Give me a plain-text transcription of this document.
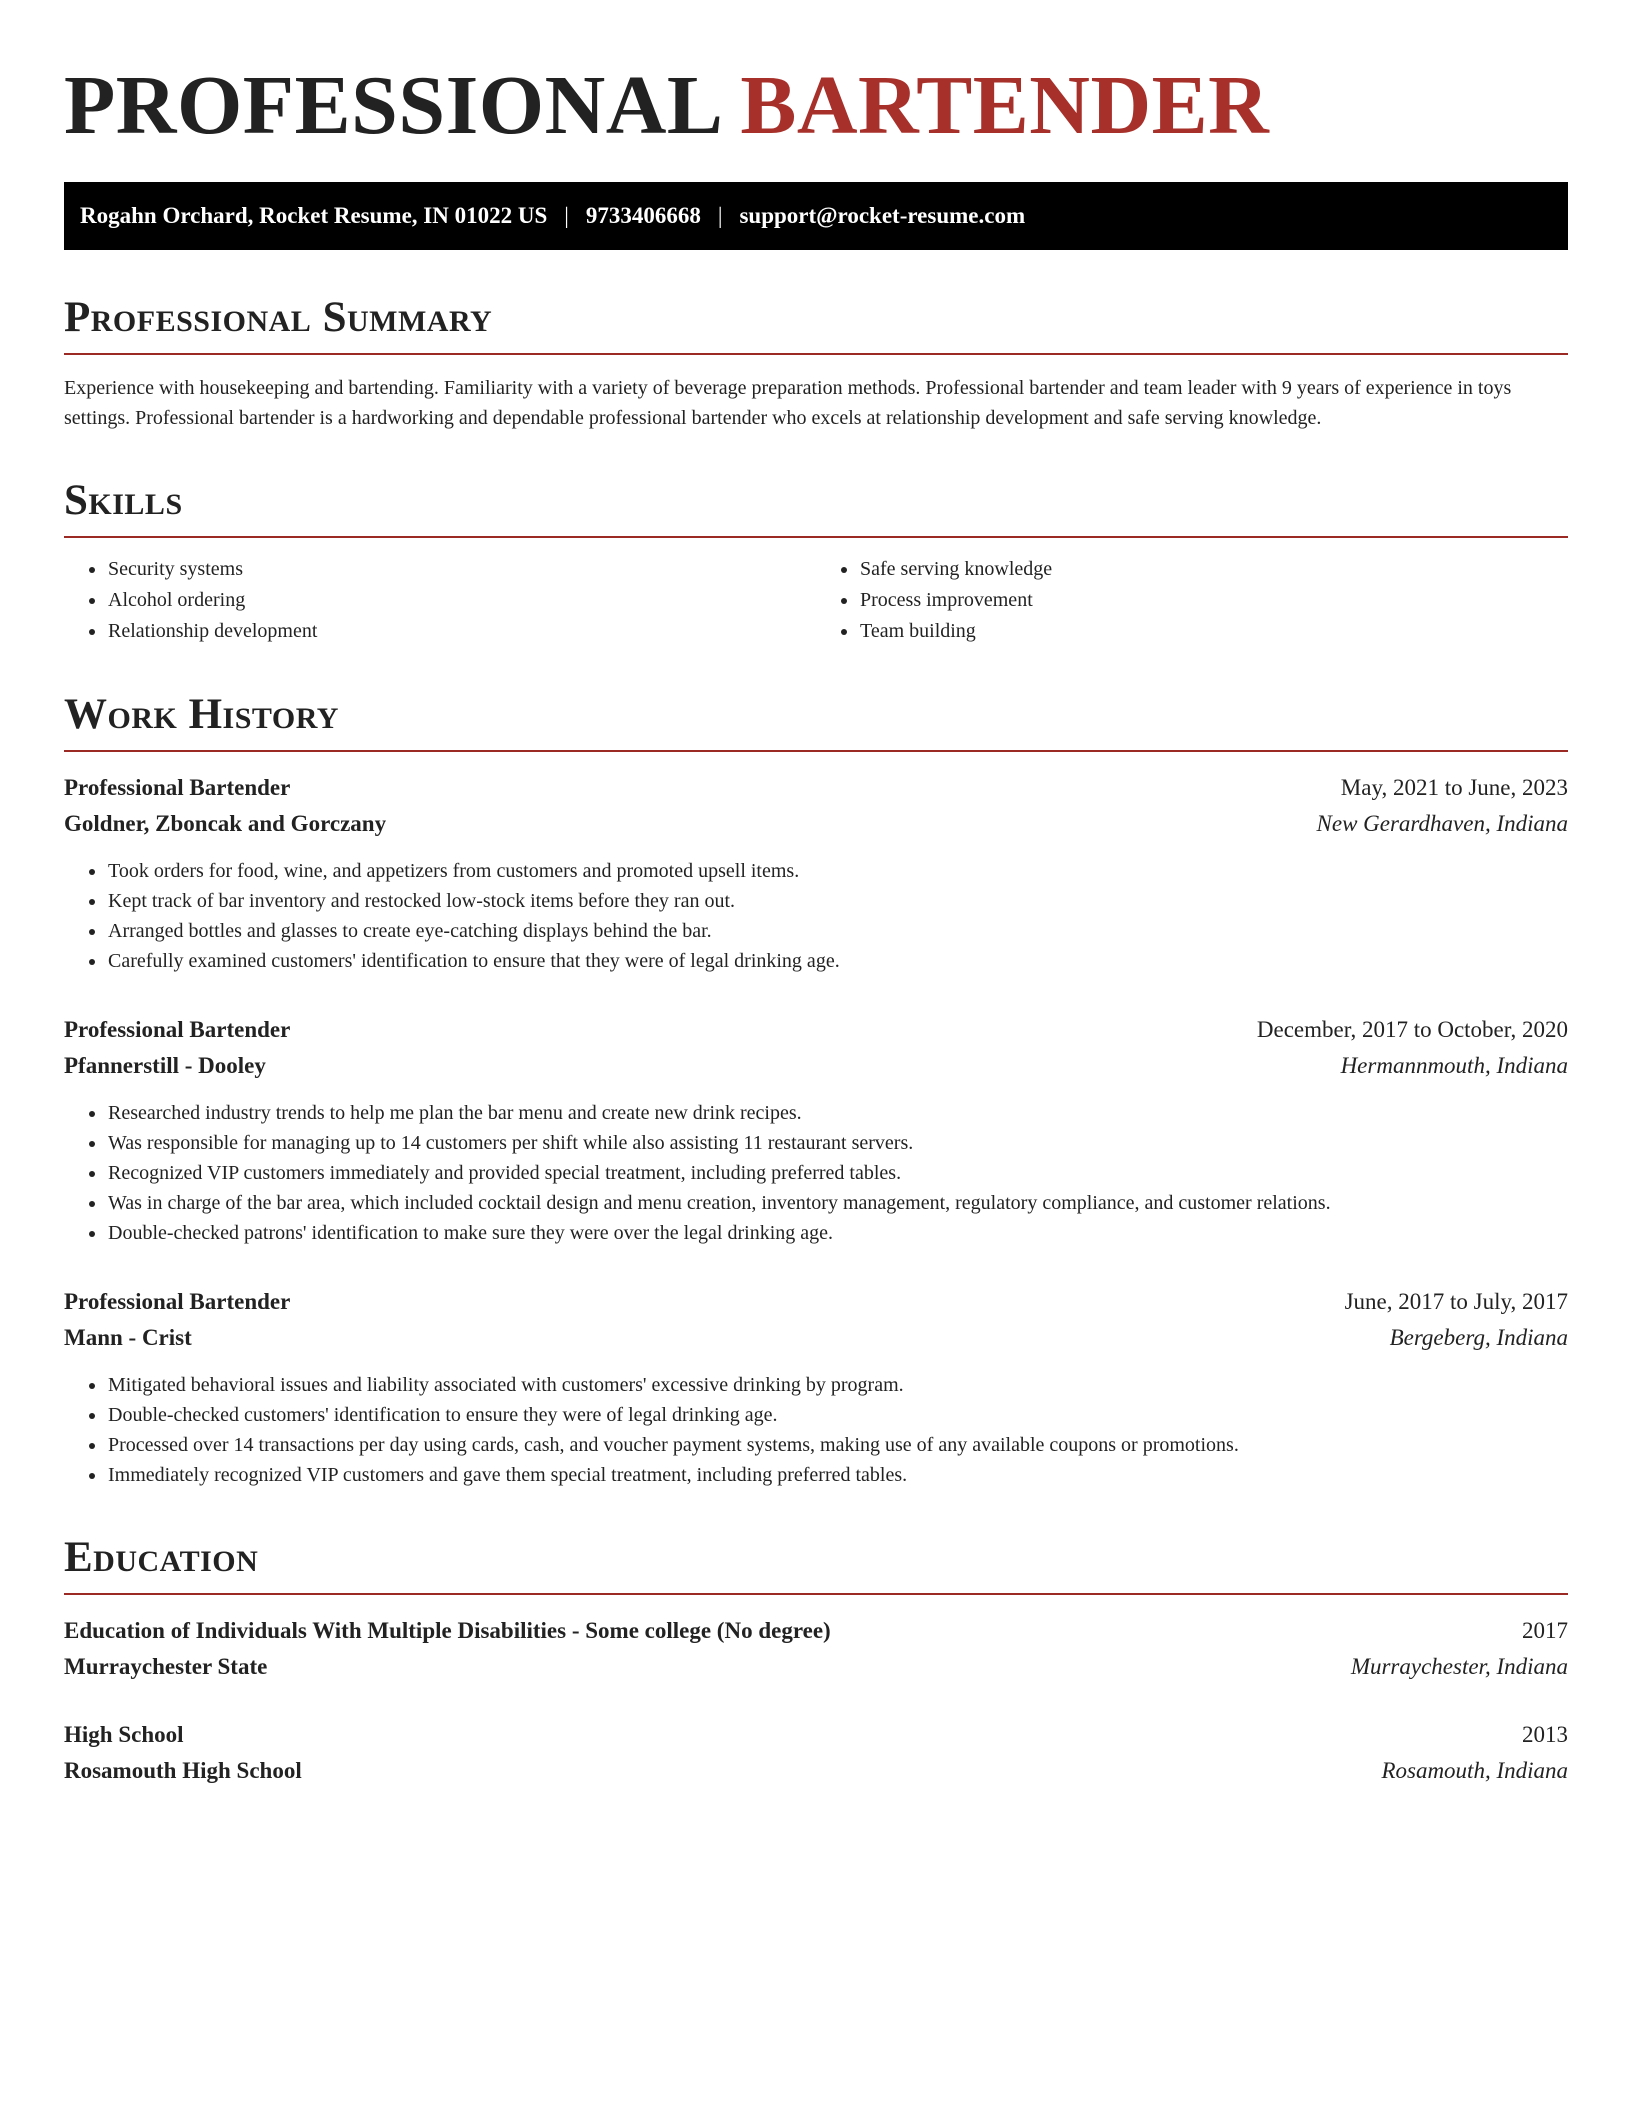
PROFESSIONAL BARTENDER
Rogahn Orchard, Rocket Resume, IN 01022 US | 9733406668 | support@rocket-resume.com
Professional Summary

Experience with housekeeping and bartending. Familiarity with a variety of beverage preparation methods. Professional bartender and team leader with 9 years of experience in toys settings. Professional bartender is a hardworking and dependable professional bartender who excels at relationship development and safe serving knowledge.

Skills
• Security systems
• Alcohol ordering
• Relationship development
• Safe serving knowledge
• Process improvement
• Team building
Work History
Professional Bartender	May, 2021 to June, 2023
Goldner, Zboncak and Gorczany	New Gerardhaven, Indiana
• Took orders for food, wine, and appetizers from customers and promoted upsell items.
• Kept track of bar inventory and restocked low-stock items before they ran out.
• Arranged bottles and glasses to create eye-catching displays behind the bar.
• Carefully examined customers' identification to ensure that they were of legal drinking age.
Professional Bartender	December, 2017 to October, 2020
Pfannerstill - Dooley	Hermannmouth, Indiana
• Researched industry trends to help me plan the bar menu and create new drink recipes.
• Was responsible for managing up to 14 customers per shift while also assisting 11 restaurant servers.
• Recognized VIP customers immediately and provided special treatment, including preferred tables.
• Was in charge of the bar area, which included cocktail design and menu creation, inventory management, regulatory compliance, and customer relations.
• Double-checked patrons' identification to make sure they were over the legal drinking age.
Professional Bartender	June, 2017 to July, 2017
Mann - Crist	Bergeberg, Indiana
• Mitigated behavioral issues and liability associated with customers' excessive drinking by program.
• Double-checked customers' identification to ensure they were of legal drinking age.
• Processed over 14 transactions per day using cards, cash, and voucher payment systems, making use of any available coupons or promotions.
• Immediately recognized VIP customers and gave them special treatment, including preferred tables.
Education
Education of Individuals With Multiple Disabilities - Some college (No degree)	2017
Murraychester State	Murraychester, Indiana
High School	2013
Rosamouth High School	Rosamouth, Indiana
